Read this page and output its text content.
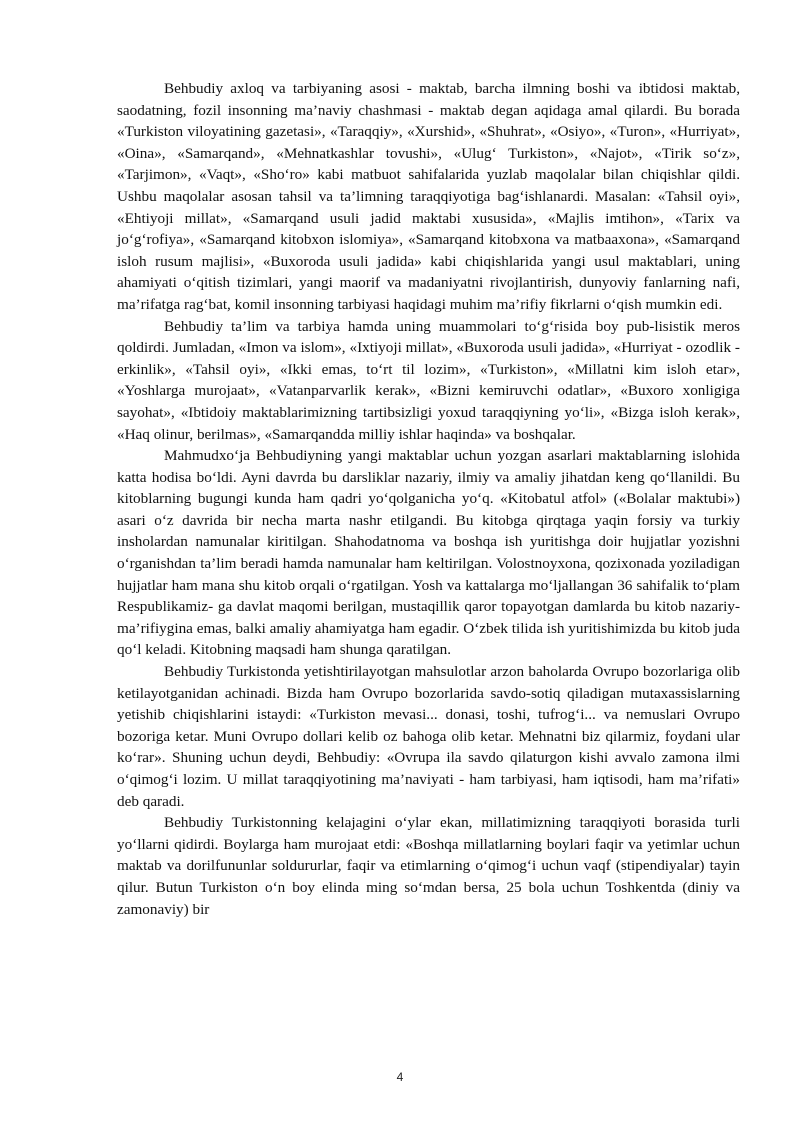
Behbudiy axloq va tarbiyaning asosi - maktab, barcha ilmning boshi va ibtidosi maktab, saodatning, fozil insonning ma’naviy chashmasi - maktab degan aqidaga amal qilardi. Bu borada «Turkiston viloyatining gazetasi», «Taraqqiy», «Xurshid», «Shuhrat», «Osiyo», «Turon», «Hurriyat», «Oina», «Samarqand», «Mehnatkashlar tovushi», «Ulug‘ Turkiston», «Najot», «Tirik so‘z», «Tarjimon», «Vaqt», «Sho‘ro» kabi matbuot sahifalarida yuzlab maqolalar bilan chiqishlar qildi. Ushbu maqolalar asosan tahsil va ta’limning taraqqiyotiga bag‘ishlanardi. Masalan: «Tahsil oyi», «Ehtiyoji millat», «Samarqand usuli jadid maktabi xususida», «Majlis imtihon», «Tarix va jo‘g‘rofiya», «Samarqand kitobxon islomiya», «Samarqand kitobxona va matbaaxona», «Samarqand isloh rusum majlisi», «Buxoroda usuli jadida» kabi chiqishlarida yangi usul maktablari, uning ahamiyati o‘qitish tizimlari, yangi maorif va madaniyatni rivojlantirish, dunyoviy fanlarning nafi, ma’rifatga rag‘bat, komil insonning tarbiyasi haqidagi muhim ma’rifiy fikrlarni o‘qish mumkin edi.

Behbudiy ta’lim va tarbiya hamda uning muammolari to‘g‘risida boy pub-lisistik meros qoldirdi. Jumladan, «Imon va islom», «Ixtiyoji millat», «Buxoroda usuli jadida», «Hurriyat - ozodlik - erkinlik», «Tahsil oyi», «Ikki emas, to‘rt til lozim», «Turkiston», «Millatni kim isloh etar», «Yoshlarga murojaat», «Vatanparvarlik kerak», «Bizni kemiruvchi odatlar», «Buxoro xonligiga sayohat», «Ibtidoiy maktablarimizning tartibsizligi yoxud taraqqiyning yo‘li», «Bizga isloh kerak», «Haq olinur, berilmas», «Samarqandda milliy ishlar haqinda» va boshqalar.

Mahmudxo‘ja Behbudiyning yangi maktablar uchun yozgan asarlari maktablarning islohida katta hodisa bo‘ldi. Ayni davrda bu darsliklar nazariy, ilmiy va amaliy jihatdan keng qo‘llanildi. Bu kitoblarning bugungi kunda ham qadri yo‘qolganicha yo‘q. «Kitobatul atfol» («Bolalar maktubi») asari o‘z davrida bir necha marta nashr etilgandi. Bu kitobga qirqtaga yaqin forsiy va turkiy insholardan namunalar kiritilgan. Shahodatnoma va boshqa ish yuritishga doir hujjatlar yozishni o‘rganishdan ta’lim beradi hamda namunalar ham keltirilgan. Volostnoyxona, qozixonada yoziladigan hujjatlar ham mana shu kitob orqali o‘rgatilgan. Yosh va kattalarga mo‘ljallangan 36 sahifalik to‘plam Respublikamiz- ga davlat maqomi berilgan, mustaqillik qaror topayotgan damlarda bu kitob nazariy-ma’rifiygina emas, balki amaliy ahamiyatga ham egadir. O‘zbek tilida ish yuritishimizda bu kitob juda qo‘l keladi. Kitobning maqsadi ham shunga qaratilgan.

Behbudiy Turkistonda yetishtirilayotgan mahsulotlar arzon baholarda Ovrupo bozorlariga olib ketilayotganidan achinadi. Bizda ham Ovrupo bozorlarida savdo-sotiq qiladigan mutaxassislarning yetishib chiqishlarini istaydi: «Turkiston mevasi... donasi, toshi, tufrog‘i... va nemuslari Ovrupo bozoriga ketar. Muni Ovrupo dollari kelib oz bahoga olib ketar. Mehnatni biz qilarmiz, foydani ular ko‘rar». Shuning uchun deydi, Behbudiy: «Ovrupa ila savdo qilaturgon kishi avvalo zamona ilmi o‘qimog‘i lozim. U millat taraqqiyotining ma’naviyati - ham tarbiyasi, ham iqtisodi, ham ma’rifati» deb qaradi.

Behbudiy Turkistonning kelajagini o‘ylar ekan, millatimizning taraqqiyoti borasida turli yo‘llarni qidirdi. Boylarga ham murojaat etdi: «Boshqa millatlarning boylari faqir va yetimlar uchun maktab va dorilfununlar soldururlar, faqir va etimlarning o‘qimog‘i uchun vaqf (stipendiyalar) tayin qilur. Butun Turkiston o‘n boy elinda ming so‘mdan bersa, 25 bola uchun Toshkentda (diniy va zamonaviy) bir

4
